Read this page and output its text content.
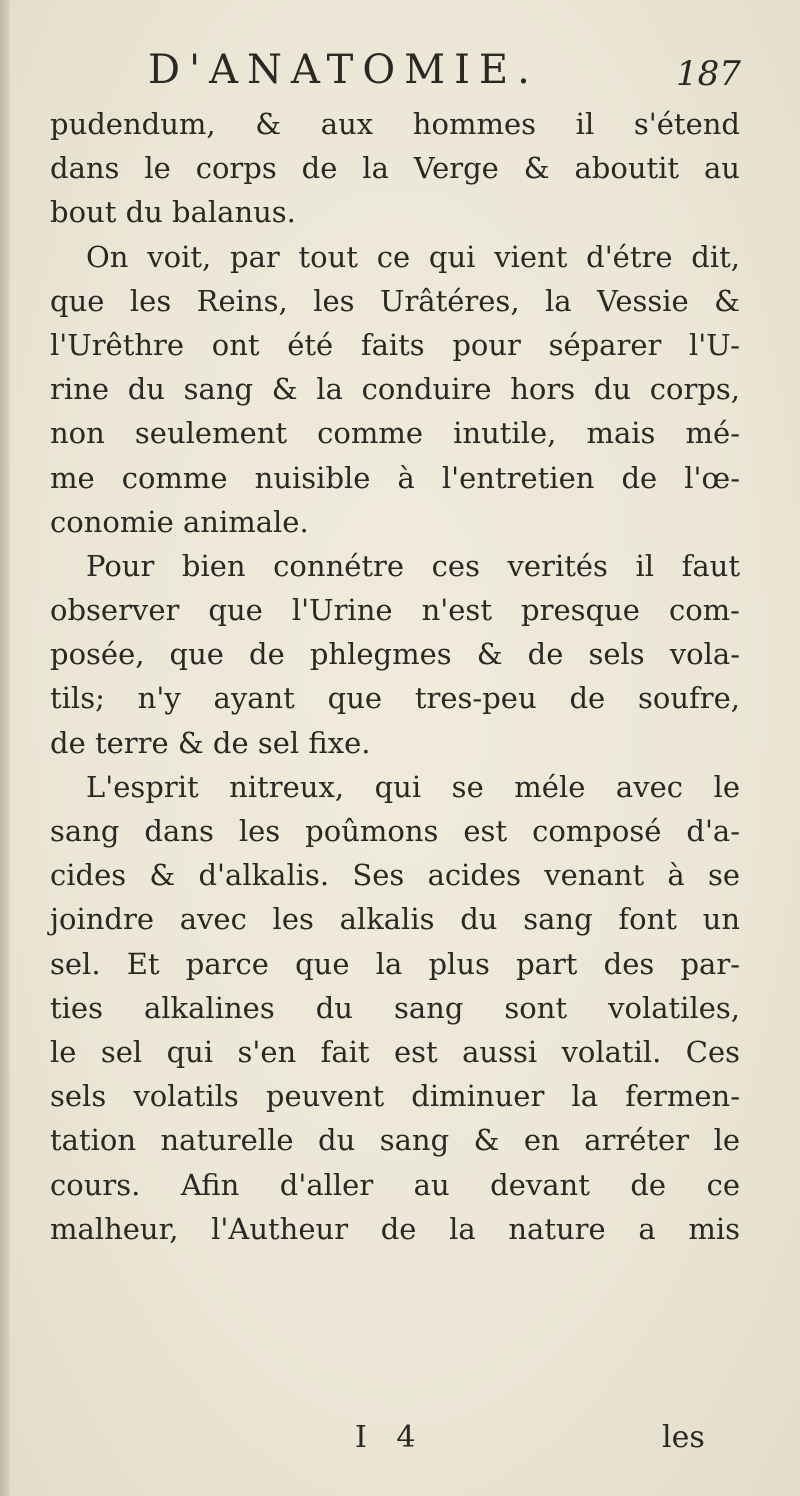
D'ANATOMIE.	187
pudendum, & aux hommes il s'étend
dans le corps de la Verge & aboutit au
bout du balanus.
On voit, par tout ce qui vient d'étre dit,
que les Reins, les Urâtéres, la Vessie &
l'Urêthre ont été faits pour séparer l'U-
rine du sang & la conduire hors du corps,
non seulement comme inutile, mais mé-
me comme nuisible à l'entretien de l'œ-
conomie animale.
Pour bien connétre ces verités il faut
observer que l'Urine n'est presque com-
posée, que de phlegmes & de sels vola-
tils; n'y ayant que tres-peu de soufre,
de terre & de sel fixe.
L'esprit nitreux, qui se méle avec le
sang dans les poûmons est composé d'a-
cides & d'alkalis. Ses acides venant à se
joindre avec les alkalis du sang font un
sel. Et parce que la plus part des par-
ties alkalines du sang sont volatiles,
le sel qui s'en fait est aussi volatil. Ces
sels volatils peuvent diminuer la fermen-
tation naturelle du sang & en arréter le
cours. Afin d'aller au devant de ce
malheur, l'Autheur de la nature a mis
I 4	les
